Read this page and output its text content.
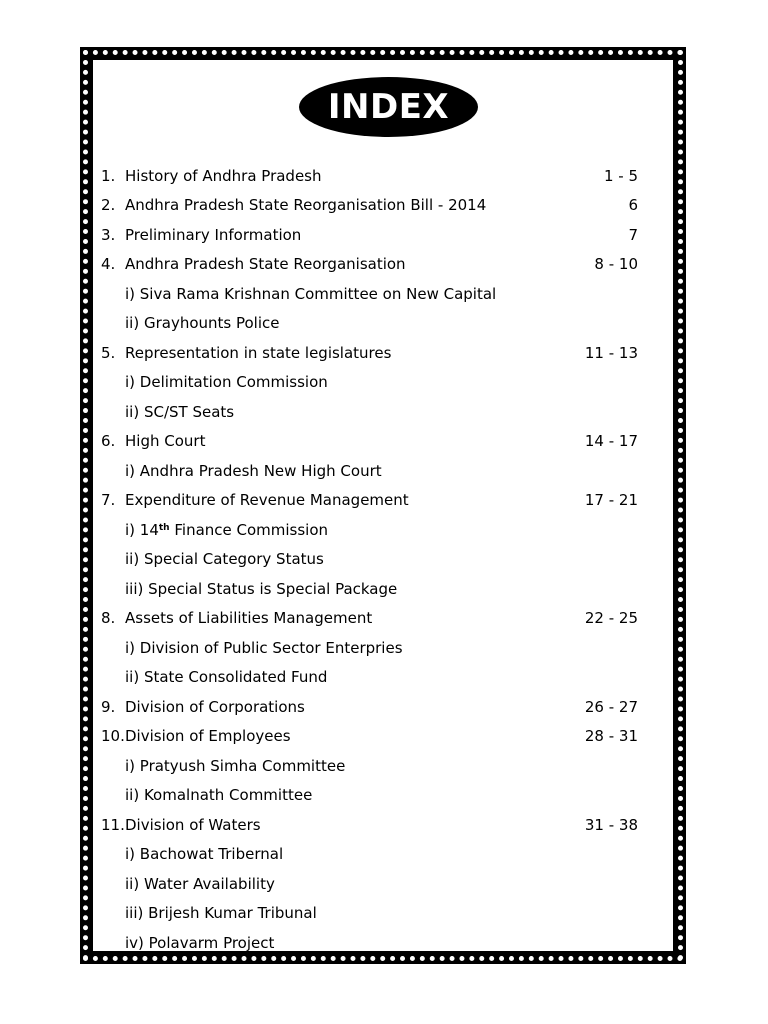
INDEX
1. History of Andhra Pradesh	1 - 5
2. Andhra Pradesh State Reorganisation Bill - 2014	6
3. Preliminary Information	7
4. Andhra Pradesh State Reorganisation	8 - 10
i) Siva Rama Krishnan Committee on New Capital
ii) Grayhounts Police
5. Representation in state legislatures	11 - 13
i) Delimitation Commission
ii) SC/ST Seats
6. High Court	14 - 17
i) Andhra Pradesh New High Court
7. Expenditure of Revenue Management	17 - 21
i) 14th Finance Commission
ii) Special Category Status
iii) Special Status is Special Package
8. Assets of Liabilities Management	22 - 25
i) Division of Public Sector Enterpries
ii) State Consolidated Fund
9. Division of Corporations	26 - 27
10. Division of Employees	28 - 31
i) Pratyush Simha Committee
ii) Komalnath Committee
11. Division of Waters	31 - 38
i) Bachowat Tribernal
ii) Water Availability
iii) Brijesh Kumar Tribunal
iv) Polavarm Project
